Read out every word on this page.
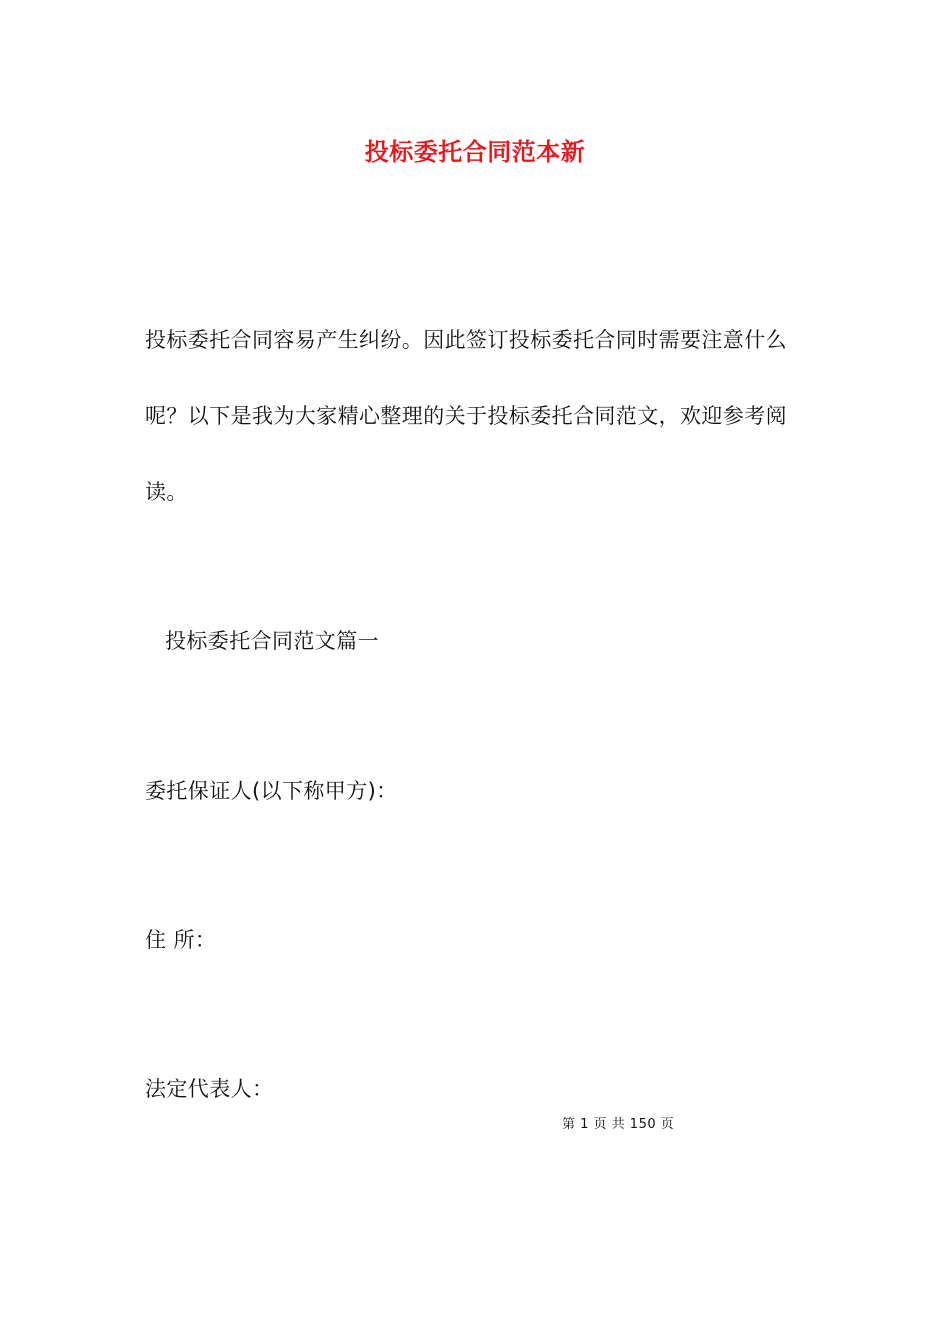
投标委托合同范本新
投标委托合同容易产生纠纷。因此签订投标委托合同时需要注意什么呢？以下是我为大家精心整理的关于投标委托合同范文，欢迎参考阅读。
投标委托合同范文篇一
委托保证人(以下称甲方)：
住 所：
法定代表人：
第 1 页 共 150 页
